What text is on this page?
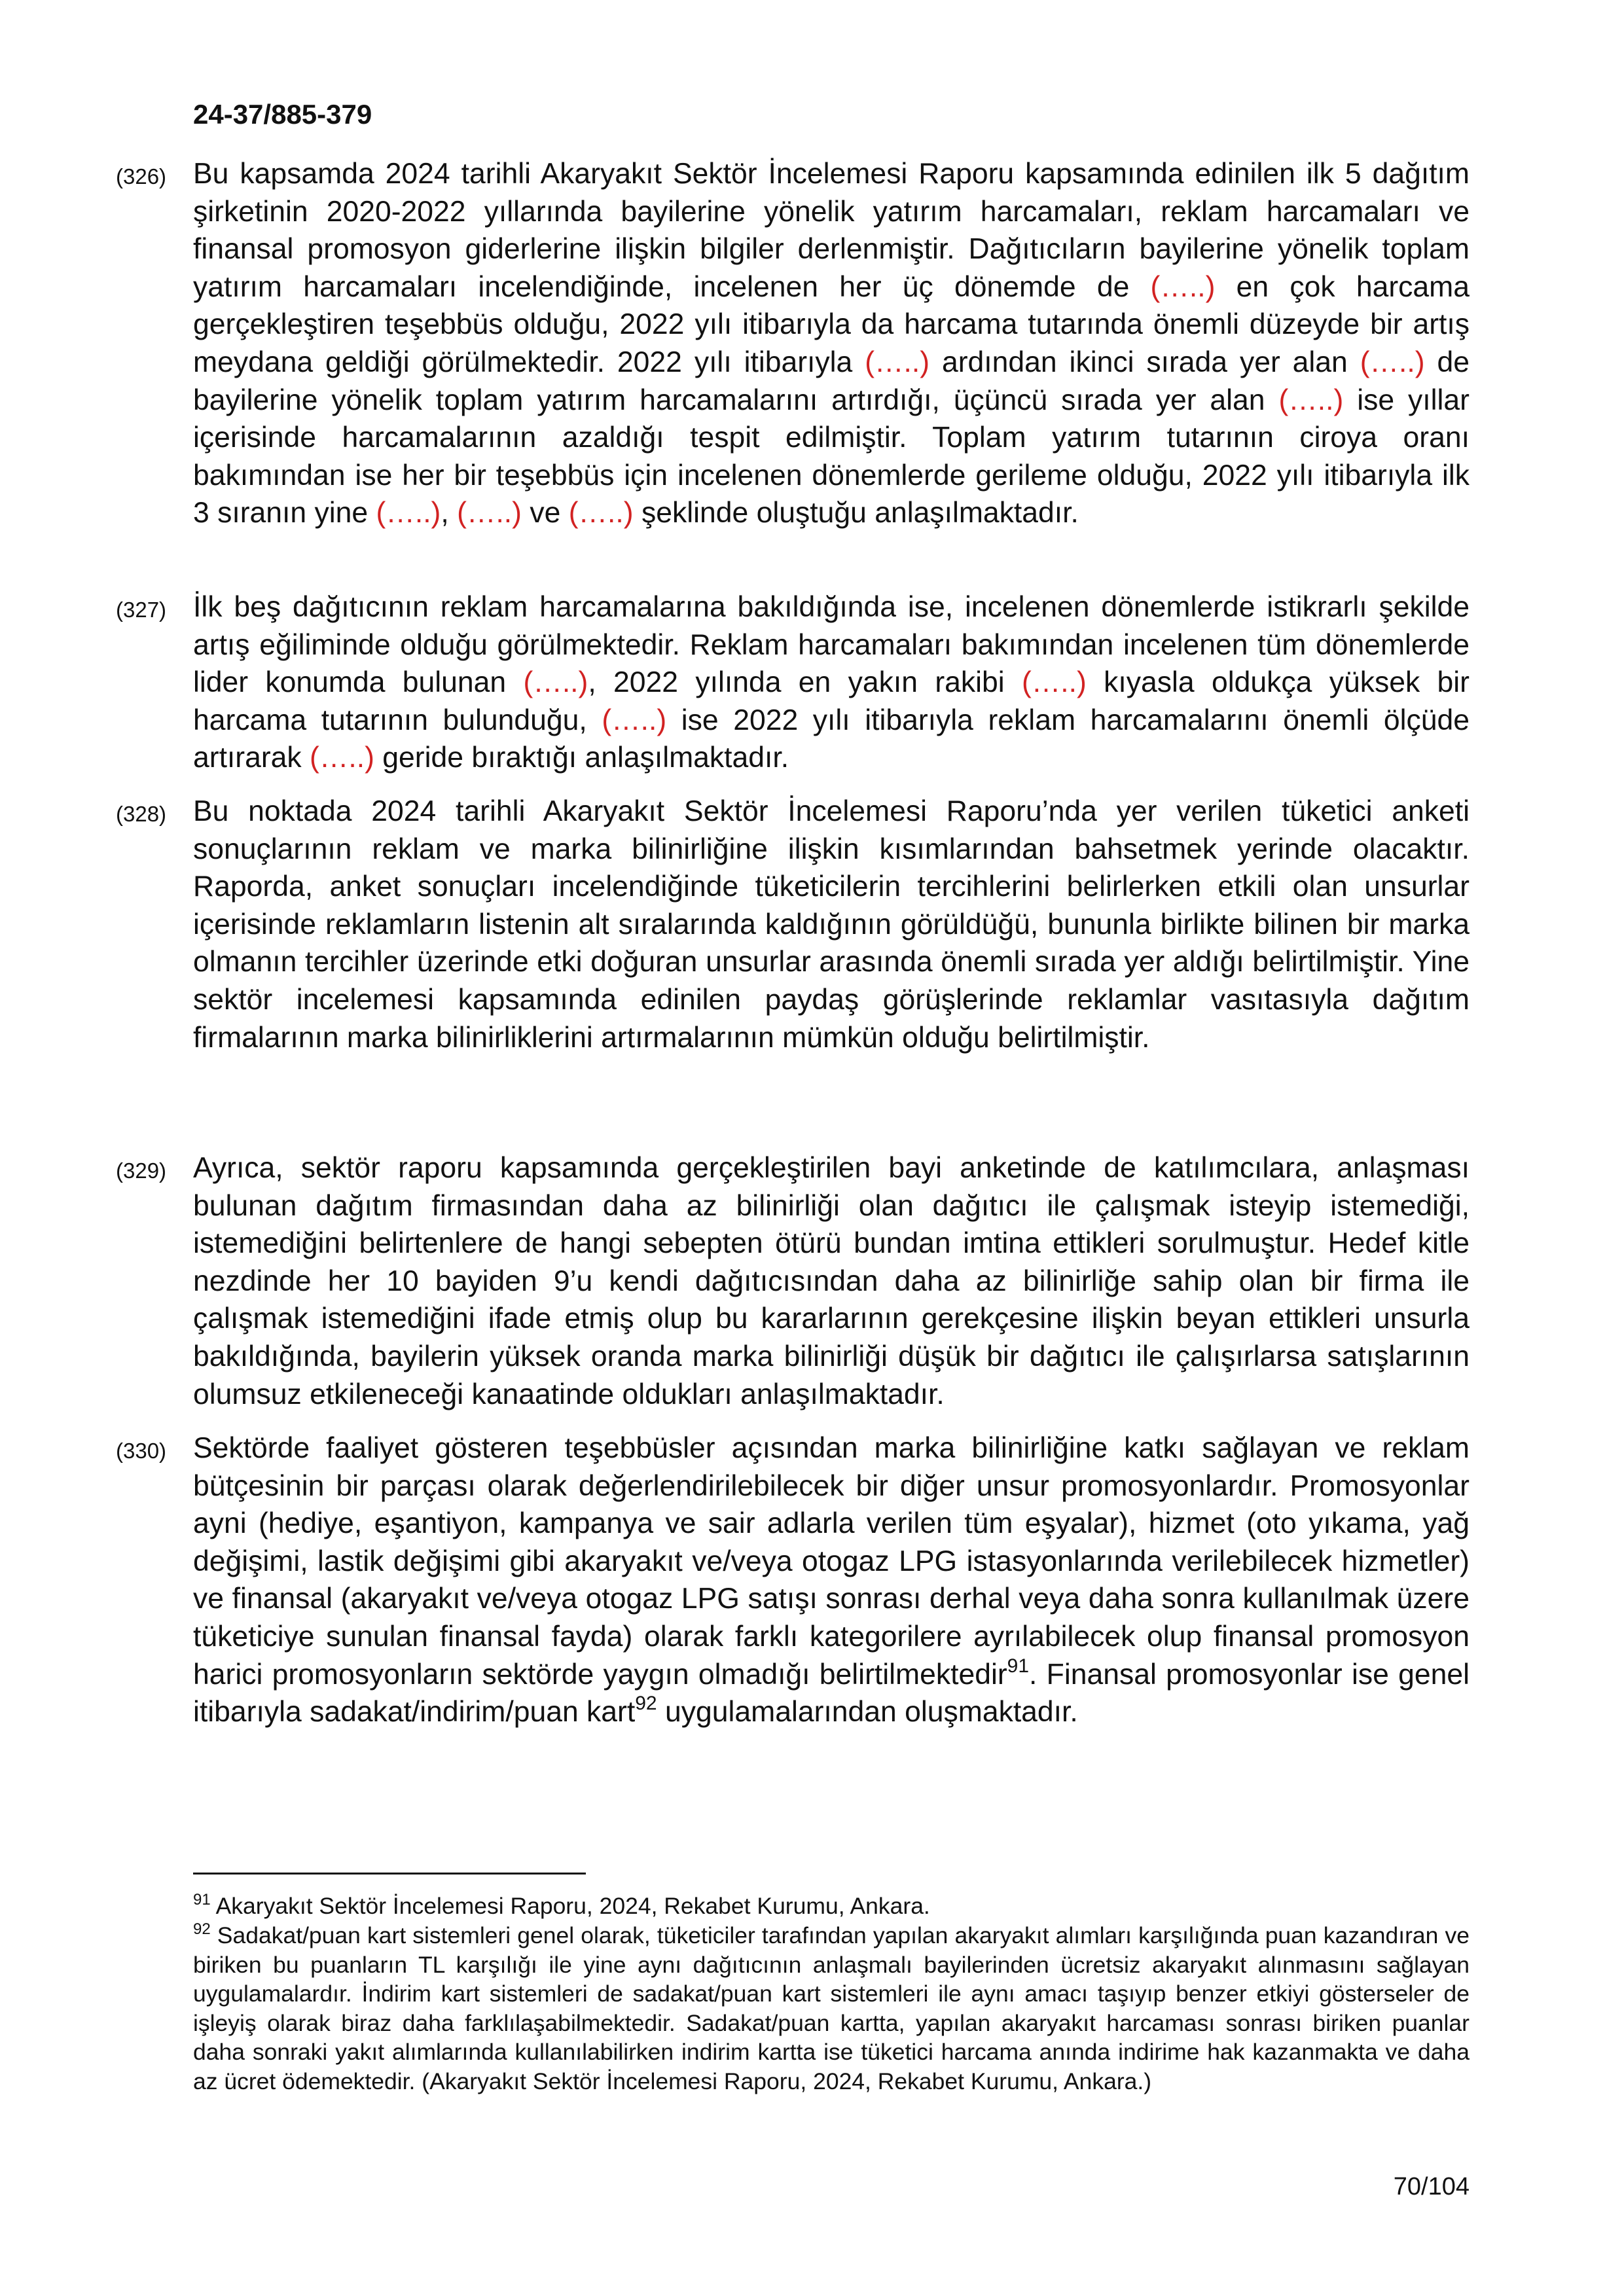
24-37/885-379
(326) Bu kapsamda 2024 tarihli Akaryakıt Sektör İncelemesi Raporu kapsamında edinilen ilk 5 dağıtım şirketinin 2020-2022 yıllarında bayilerine yönelik yatırım harcamaları, reklam harcamaları ve finansal promosyon giderlerine ilişkin bilgiler derlenmiştir. Dağıtıcıların bayilerine yönelik toplam yatırım harcamaları incelendiğinde, incelenen her üç dönemde de (…..) en çok harcama gerçekleştiren teşebbüs olduğu, 2022 yılı itibarıyla da harcama tutarında önemli düzeyde bir artış meydana geldiği görülmektedir. 2022 yılı itibarıyla (…..) ardından ikinci sırada yer alan (…..) de bayilerine yönelik toplam yatırım harcamalarını artırdığı, üçüncü sırada yer alan (…..) ise yıllar içerisinde harcamalarının azaldığı tespit edilmiştir. Toplam yatırım tutarının ciroya oranı bakımından ise her bir teşebbüs için incelenen dönemlerde gerileme olduğu, 2022 yılı itibarıyla ilk 3 sıranın yine (…..), (…..) ve (…..) şeklinde oluştuğu anlaşılmaktadır.
(327) İlk beş dağıtıcının reklam harcamalarına bakıldığında ise, incelenen dönemlerde istikrarlı şekilde artış eğiliminde olduğu görülmektedir. Reklam harcamaları bakımından incelenen tüm dönemlerde lider konumda bulunan (…..), 2022 yılında en yakın rakibi (…..) kıyasla oldukça yüksek bir harcama tutarının bulunduğu, (…..) ise 2022 yılı itibarıyla reklam harcamalarını önemli ölçüde artırarak (…..) geride bıraktığı anlaşılmaktadır.
(328) Bu noktada 2024 tarihli Akaryakıt Sektör İncelemesi Raporu’nda yer verilen tüketici anketi sonuçlarının reklam ve marka bilinirliğine ilişkin kısımlarından bahsetmek yerinde olacaktır. Raporda, anket sonuçları incelendiğinde tüketicilerin tercihlerini belirlerken etkili olan unsurlar içerisinde reklamların listenin alt sıralarında kaldığının görüldüğü, bununla birlikte bilinen bir marka olmanın tercihler üzerinde etki doğuran unsurlar arasında önemli sırada yer aldığı belirtilmiştir. Yine sektör incelemesi kapsamında edinilen paydaş görüşlerinde reklamlar vasıtasıyla dağıtım firmalarının marka bilinirliklerini artırmalarının mümkün olduğu belirtilmiştir.
(329) Ayrıca, sektör raporu kapsamında gerçekleştirilen bayi anketinde de katılımcılara, anlaşması bulunan dağıtım firmasından daha az bilinirliği olan dağıtıcı ile çalışmak isteyip istemediği, istemediğini belirtenlere de hangi sebepten ötürü bundan imtina ettikleri sorulmuştur. Hedef kitle nezdinde her 10 bayiden 9’u kendi dağıtıcısından daha az bilinirliğe sahip olan bir firma ile çalışmak istemediğini ifade etmiş olup bu kararlarının gerekçesine ilişkin beyan ettikleri unsurla bakıldığında, bayilerin yüksek oranda marka bilinirliği düşük bir dağıtıcı ile çalışırlarsa satışlarının olumsuz etkileneceği kanaatinde oldukları anlaşılmaktadır.
(330) Sektörde faaliyet gösteren teşebbüsler açısından marka bilinirliğine katkı sağlayan ve reklam bütçesinin bir parçası olarak değerlendirilebilecek bir diğer unsur promosyonlardır. Promosyonlar ayni (hediye, eşantiyon, kampanya ve sair adlarla verilen tüm eşyalar), hizmet (oto yıkama, yağ değişimi, lastik değişimi gibi akaryakıt ve/veya otogaz LPG istasyonlarında verilebilecek hizmetler) ve finansal (akaryakıt ve/veya otogaz LPG satışı sonrası derhal veya daha sonra kullanılmak üzere tüketiciye sunulan finansal fayda) olarak farklı kategorilere ayrılabilecek olup finansal promosyon harici promosyonların sektörde yaygın olmadığı belirtilmektedir$^{91}$. Finansal promosyonlar ise genel itibarıyla sadakat/indirim/puan kart$^{92}$ uygulamalarından oluşmaktadır.
$^{91}$ Akaryakıt Sektör İncelemesi Raporu, 2024, Rekabet Kurumu, Ankara.
$^{92}$ Sadakat/puan kart sistemleri genel olarak, tüketiciler tarafından yapılan akaryakıt alımları karşılığında puan kazandıran ve biriken bu puanların TL karşılığı ile yine aynı dağıtıcının anlaşmalı bayilerinden ücretsiz akaryakıt alınmasını sağlayan uygulamalardır. İndirim kart sistemleri de sadakat/puan kart sistemleri ile aynı amacı taşıyıp benzer etkiyi gösterseler de işleyiş olarak biraz daha farklılaşabilmektedir. Sadakat/puan kartta, yapılan akaryakıt harcaması sonrası biriken puanlar daha sonraki yakıt alımlarında kullanılabilirken indirim kartta ise tüketici harcama anında indirime hak kazanmakta ve daha az ücret ödemektedir. (Akaryakıt Sektör İncelemesi Raporu, 2024, Rekabet Kurumu, Ankara.)
70/104
